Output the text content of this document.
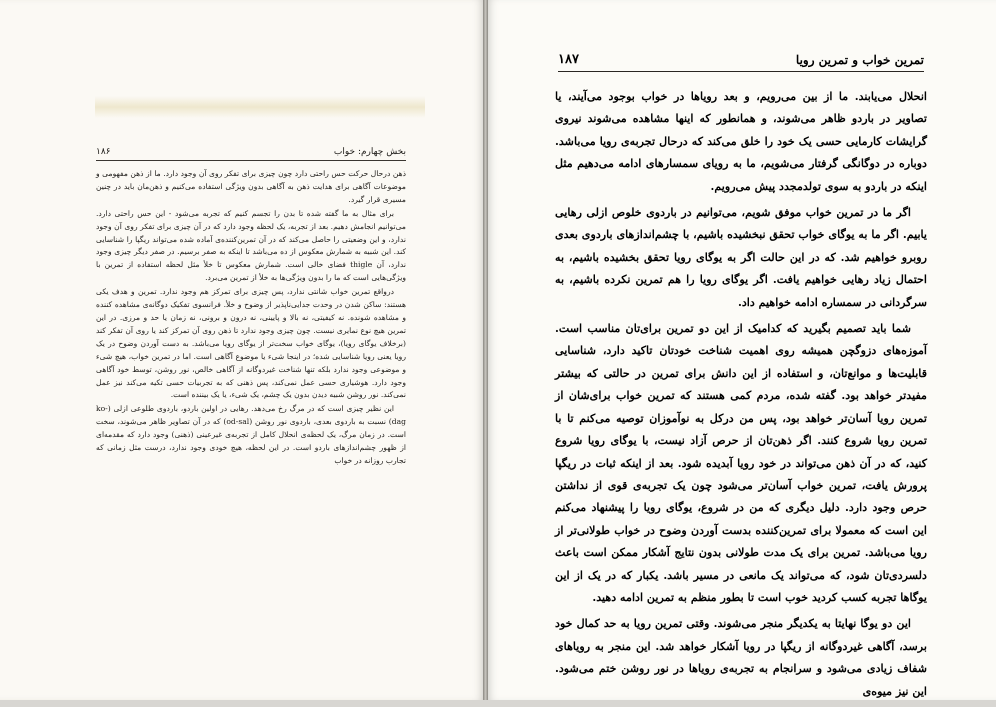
بخش چهارم: خواب
۱۸۶

ذهن درحال حرکت حس راحتی دارد چون چیزی برای تفکر روی آن وجود دارد. ما از ذهن مفهومی و موضوعات آگاهی برای هدایت ذهن به آگاهی بدون ویژگی استفاده می‌کنیم و ذهن‌مان باید در چنین مسیری قرار گیرد.

برای مثال به ما گفته شده تا بدن را تجسم کنیم که تجربه می‌شود - این حس راحتی دارد. می‌توانیم انجامش دهیم. بعد از تجربه، یک لحظه وجود دارد که در آن چیزی برای تفکر روی آن وجود ندارد، و این وضعیتی را حاصل می‌کند که در آن تمرین‌کننده‌ی آماده شده می‌تواند ریگپا را شناسایی کند. این شبیه به شمارش معکوس از ده می‌باشد تا اینکه به صفر برسیم. در صفر دیگر چیزی وجود ندارد، آن thigle فضای خالی است. شمارش معکوس تا خلأ مثل لحظه استفاده از تمرین با ویژگی‌هایی است که ما را بدون ویژگی‌ها به خلأ از تمرین می‌برد.

درواقع تمرین خواب شانتی ندارد، پس چیزی برای تمرکز هم وجود ندارد. تمرین و هدف یکی هستند: ساکن شدن در وحدت جدایی‌ناپذیر از وضوح و خلأ. فرانسوی تفکیک دوگانه‌ی مشاهده کننده و مشاهده شونده. نه کیفیتی، نه بالا و پایینی، نه درون و برونی، نه زمان یا حد و مرزی. در این تمرین هیچ نوع نمایری نیست. چون چیزی وجود ندارد تا ذهن روی آن تمرکز کند یا روی آن تفکر کند (برخلاف یوگای رویا)، یوگای خواب سخت‌تر از یوگای رویا می‌باشد. به دست آوردن وضوح در یک رویا یعنی رویا شناسایی شده؛ در اینجا شیء یا موضوع آگاهی است. اما در تمرین خواب، هیچ شیء و موضوعی وجود ندارد بلکه تنها شناخت غیردوگانه از آگاهی خالص، نور روشن، توسط خود آگاهی وجود دارد. هوشیاری حسی عمل نمی‌کند، پس ذهنی که به تجربیات حسی تکیه می‌کند نیز عمل نمی‌کند. نور روشن شبیه دیدن بدون یک چشم، یک شیء، یا یک بیننده است.

این نظیر چیزی است که در مرگ رخ می‌دهد. رهایی در اولین باردو، باردوی طلوعی ازلی (ko-dag) نسبت به باردوی بعدی، باردوی نور روشن (od-sal) که در آن تصاویر ظاهر می‌شوند، سخت است. در زمان مرگ، یک لحظه‌ی انحلال کامل از تجربه‌ی غیرعینی (ذهنی) وجود دارد که مقدمه‌ای از ظهور چشم‌اندازهای باردو است. در این لحظه، هیچ خودی وجود ندارد، درست مثل زمانی که تجارب روزانه در خواب

تمرین خواب و تمرین رویا
۱۸۷

انحلال می‌یابند. ما از بین می‌رویم، و بعد رویاها در خواب بوجود می‌آیند، یا تصاویر در باردو ظاهر می‌شوند، و همانطور که اینها مشاهده می‌شوند نیروی گرایشات کارمایی حسی یک خود را خلق می‌کند که درحال تجربه‌ی رویا می‌باشد. دوباره در دوگانگی گرفتار می‌شویم، ما به رویای سمسارهای ادامه می‌دهیم مثل اینکه در باردو به سوی تولدمجدد پیش می‌رویم.

اگر ما در تمرین خواب موفق شویم، می‌توانیم در باردوی خلوص ازلی رهایی یابیم. اگر ما به یوگای خواب تحقق نبخشیده باشیم، با چشم‌اندازهای باردوی بعدی روبرو خواهیم شد. که در این حالت اگر به یوگای رویا تحقق بخشیده باشیم، به احتمال زیاد رهایی خواهیم یافت. اگر یوگای رویا را هم تمرین نکرده باشیم، به سرگردانی در سمساره ادامه خواهیم داد.

شما باید تصمیم بگیرید که کدامیک از این دو تمرین برای‌تان مناسب است. آموزه‌های دزوگچن همیشه روی اهمیت شناخت خودتان تاکید دارد، شناسایی قابلیت‌ها و موانع‌تان، و استفاده از این دانش برای تمرین در حالتی که بیشتر مفیدتر خواهد بود. گفته شده، مردم کمی هستند که تمرین خواب برای‌شان از تمرین رویا آسان‌تر خواهد بود، پس من درکل به نوآموزان توصیه می‌کنم تا با تمرین رویا شروع کنند. اگر ذهن‌تان از حرص آزاد نیست، با یوگای رویا شروع کنید، که در آن ذهن می‌تواند در خود رویا آبدیده شود. بعد از اینکه ثبات در ریگپا پرورش یافت، تمرین خواب آسان‌تر می‌شود چون یک تجربه‌ی قوی از نداشتن حرص وجود دارد. دلیل دیگری که من در شروع، یوگای رویا را پیشنهاد می‌کنم این است که معمولا برای تمرین‌کننده بدست آوردن وضوح در خواب طولانی‌تر از رویا می‌باشد. تمرین برای یک مدت طولانی بدون نتایج آشکار ممکن است باعث دلسردی‌تان شود، که می‌تواند یک مانعی در مسیر باشد. یکبار که در یک از این یوگاها تجربه کسب کردید خوب است تا بطور منظم به تمرین ادامه دهید.

این دو یوگا نهایتا به یکدیگر منجر می‌شوند. وقتی تمرین رویا به حد کمال خود برسد، آگاهی غیردوگانه از ریگپا در رویا آشکار خواهد شد. این منجر به رویاهای شفاف زیادی می‌شود و سرانجام به تجربه‌ی رویاها در نور روشن ختم می‌شود. این نیز میوه‌ی
